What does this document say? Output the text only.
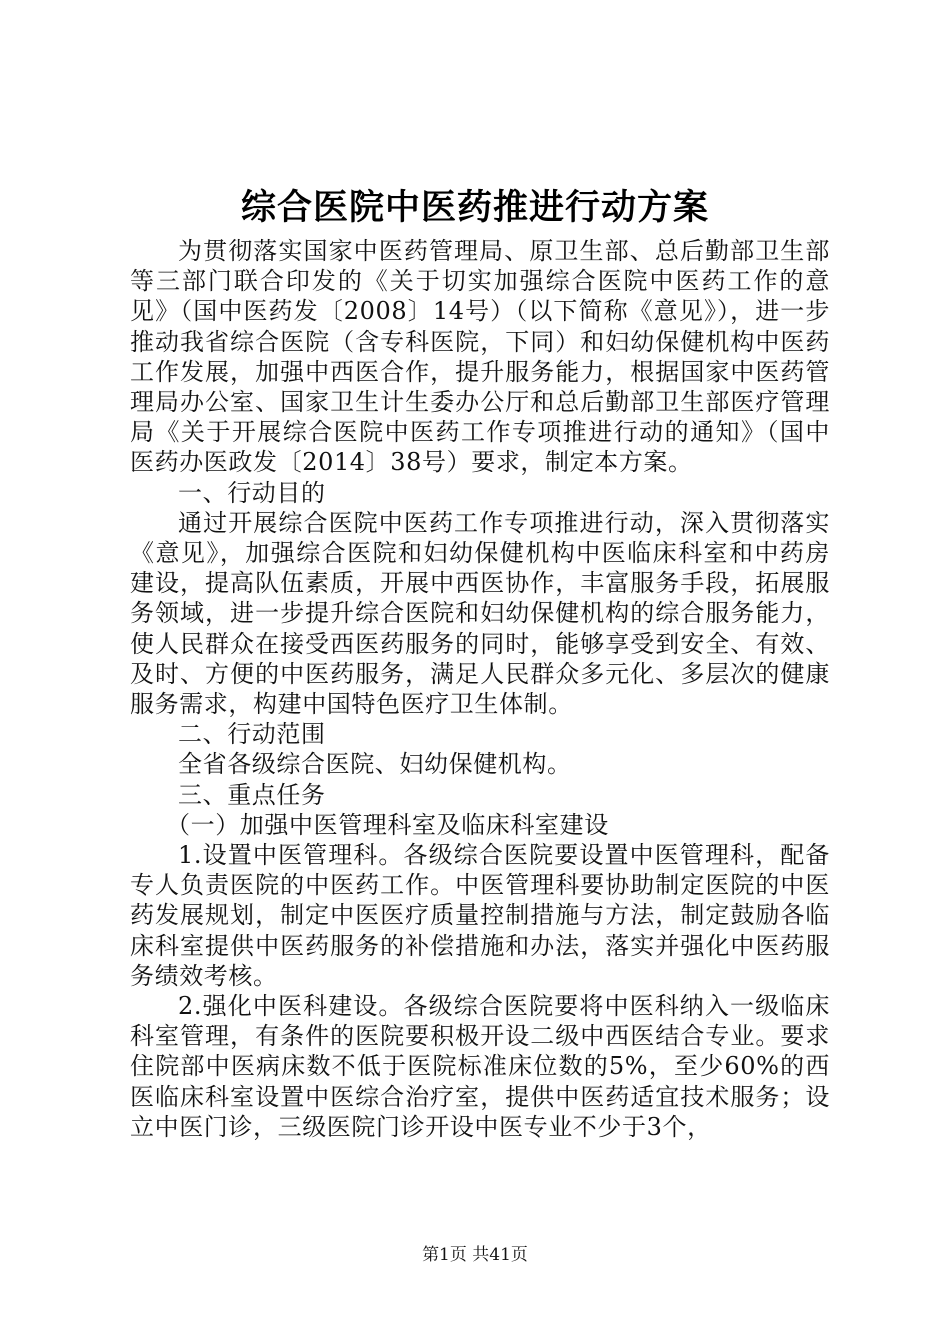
综合医院中医药推进行动方案

为贯彻落实国家中医药管理局、原卫生部、总后勤部卫生部等三部门联合印发的《关于切实加强综合医院中医药工作的意见》（国中医药发〔2008〕14号）（以下简称《意见》），进一步推动我省综合医院（含专科医院，下同）和妇幼保健机构中医药工作发展，加强中西医合作，提升服务能力，根据国家中医药管理局办公室、国家卫生计生委办公厅和总后勤部卫生部医疗管理局《关于开展综合医院中医药工作专项推进行动的通知》（国中医药办医政发〔2014〕38号）要求，制定本方案。

一、行动目的

通过开展综合医院中医药工作专项推进行动，深入贯彻落实《意见》，加强综合医院和妇幼保健机构中医临床科室和中药房建设，提高队伍素质，开展中西医协作，丰富服务手段，拓展服务领域，进一步提升综合医院和妇幼保健机构的综合服务能力，使人民群众在接受西医药服务的同时，能够享受到安全、有效、及时、方便的中医药服务，满足人民群众多元化、多层次的健康服务需求，构建中国特色医疗卫生体制。

二、行动范围

全省各级综合医院、妇幼保健机构。

三、重点任务

（一）加强中医管理科室及临床科室建设

1.设置中医管理科。各级综合医院要设置中医管理科，配备专人负责医院的中医药工作。中医管理科要协助制定医院的中医药发展规划，制定中医医疗质量控制措施与方法，制定鼓励各临床科室提供中医药服务的补偿措施和办法，落实并强化中医药服务绩效考核。

2.强化中医科建设。各级综合医院要将中医科纳入一级临床科室管理，有条件的医院要积极开设二级中西医结合专业。要求住院部中医病床数不低于医院标准床位数的5%，至少60%的西医临床科室设置中医综合治疗室，提供中医药适宜技术服务；设立中医门诊，三级医院门诊开设中医专业不少于3个，

第1页 共41页
